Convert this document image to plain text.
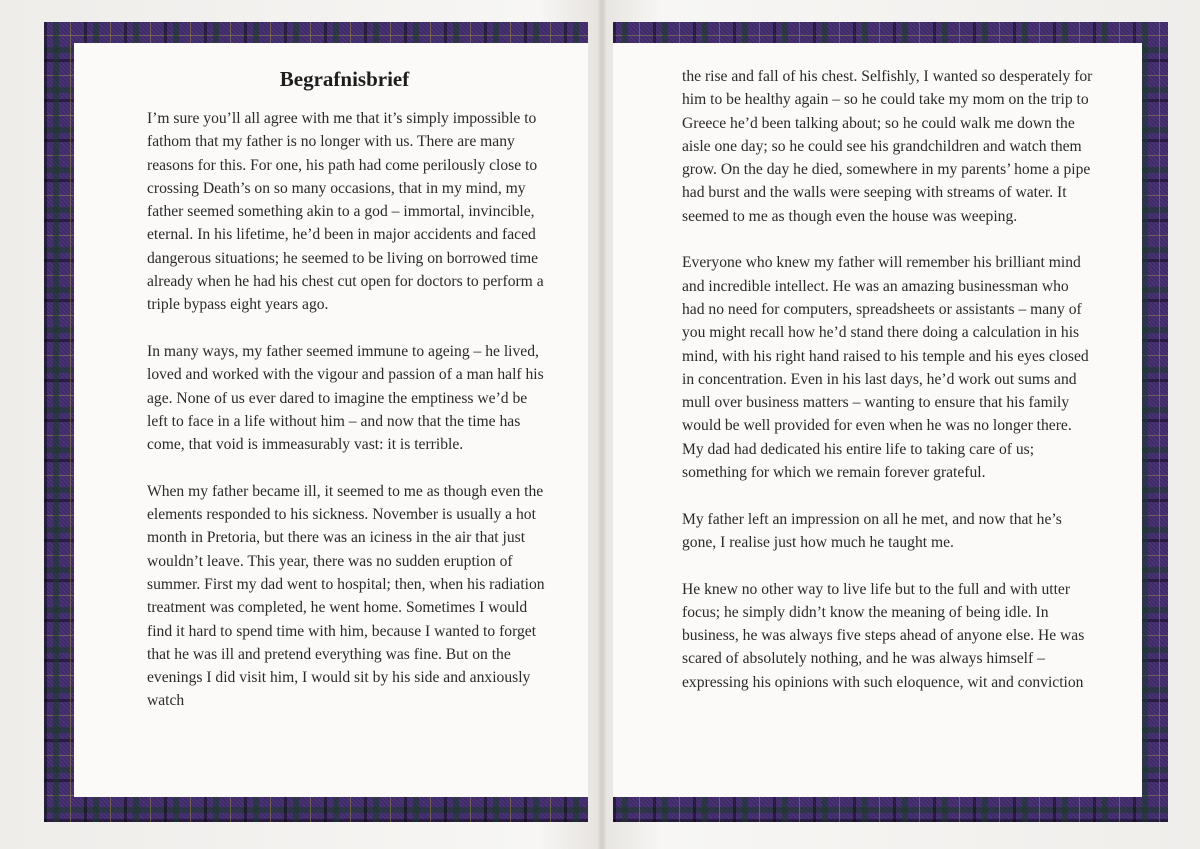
Begrafnisbrief

I’m sure you’ll all agree with me that it’s simply impossible to fathom that my father is no longer with us. There are many reasons for this. For one, his path had come perilously close to crossing Death’s on so many occasions, that in my mind, my father seemed something akin to a god – immortal, invincible, eternal. In his lifetime, he’d been in major accidents and faced dangerous situations; he seemed to be living on borrowed time already when he had his chest cut open for doctors to perform a triple bypass eight years ago.

In many ways, my father seemed immune to ageing – he lived, loved and worked with the vigour and passion of a man half his age. None of us ever dared to imagine the emptiness we’d be left to face in a life without him – and now that the time has come, that void is immeasurably vast: it is terrible.

When my father became ill, it seemed to me as though even the elements responded to his sickness. November is usually a hot month in Pretoria, but there was an iciness in the air that just wouldn’t leave. This year, there was no sudden eruption of summer. First my dad went to hospital; then, when his radiation treatment was completed, he went home. Sometimes I would find it hard to spend time with him, because I wanted to forget that he was ill and pretend everything was fine. But on the evenings I did visit him, I would sit by his side and anxiously watch

the rise and fall of his chest. Selfishly, I wanted so desperately for him to be healthy again – so he could take my mom on the trip to Greece he’d been talking about; so he could walk me down the aisle one day; so he could see his grandchildren and watch them grow. On the day he died, somewhere in my parents’ home a pipe had burst and the walls were seeping with streams of water. It seemed to me as though even the house was weeping.

Everyone who knew my father will remember his brilliant mind and incredible intellect. He was an amazing businessman who had no need for computers, spreadsheets or assistants – many of you might recall how he’d stand there doing a calculation in his mind, with his right hand raised to his temple and his eyes closed in concentration. Even in his last days, he’d work out sums and mull over business matters – wanting to ensure that his family would be well provided for even when he was no longer there. My dad had dedicated his entire life to taking care of us; something for which we remain forever grateful.

My father left an impression on all he met, and now that he’s gone, I realise just how much he taught me.

He knew no other way to live life but to the full and with utter focus; he simply didn’t know the meaning of being idle. In business, he was always five steps ahead of anyone else. He was scared of absolutely nothing, and he was always himself – expressing his opinions with such eloquence, wit and conviction
